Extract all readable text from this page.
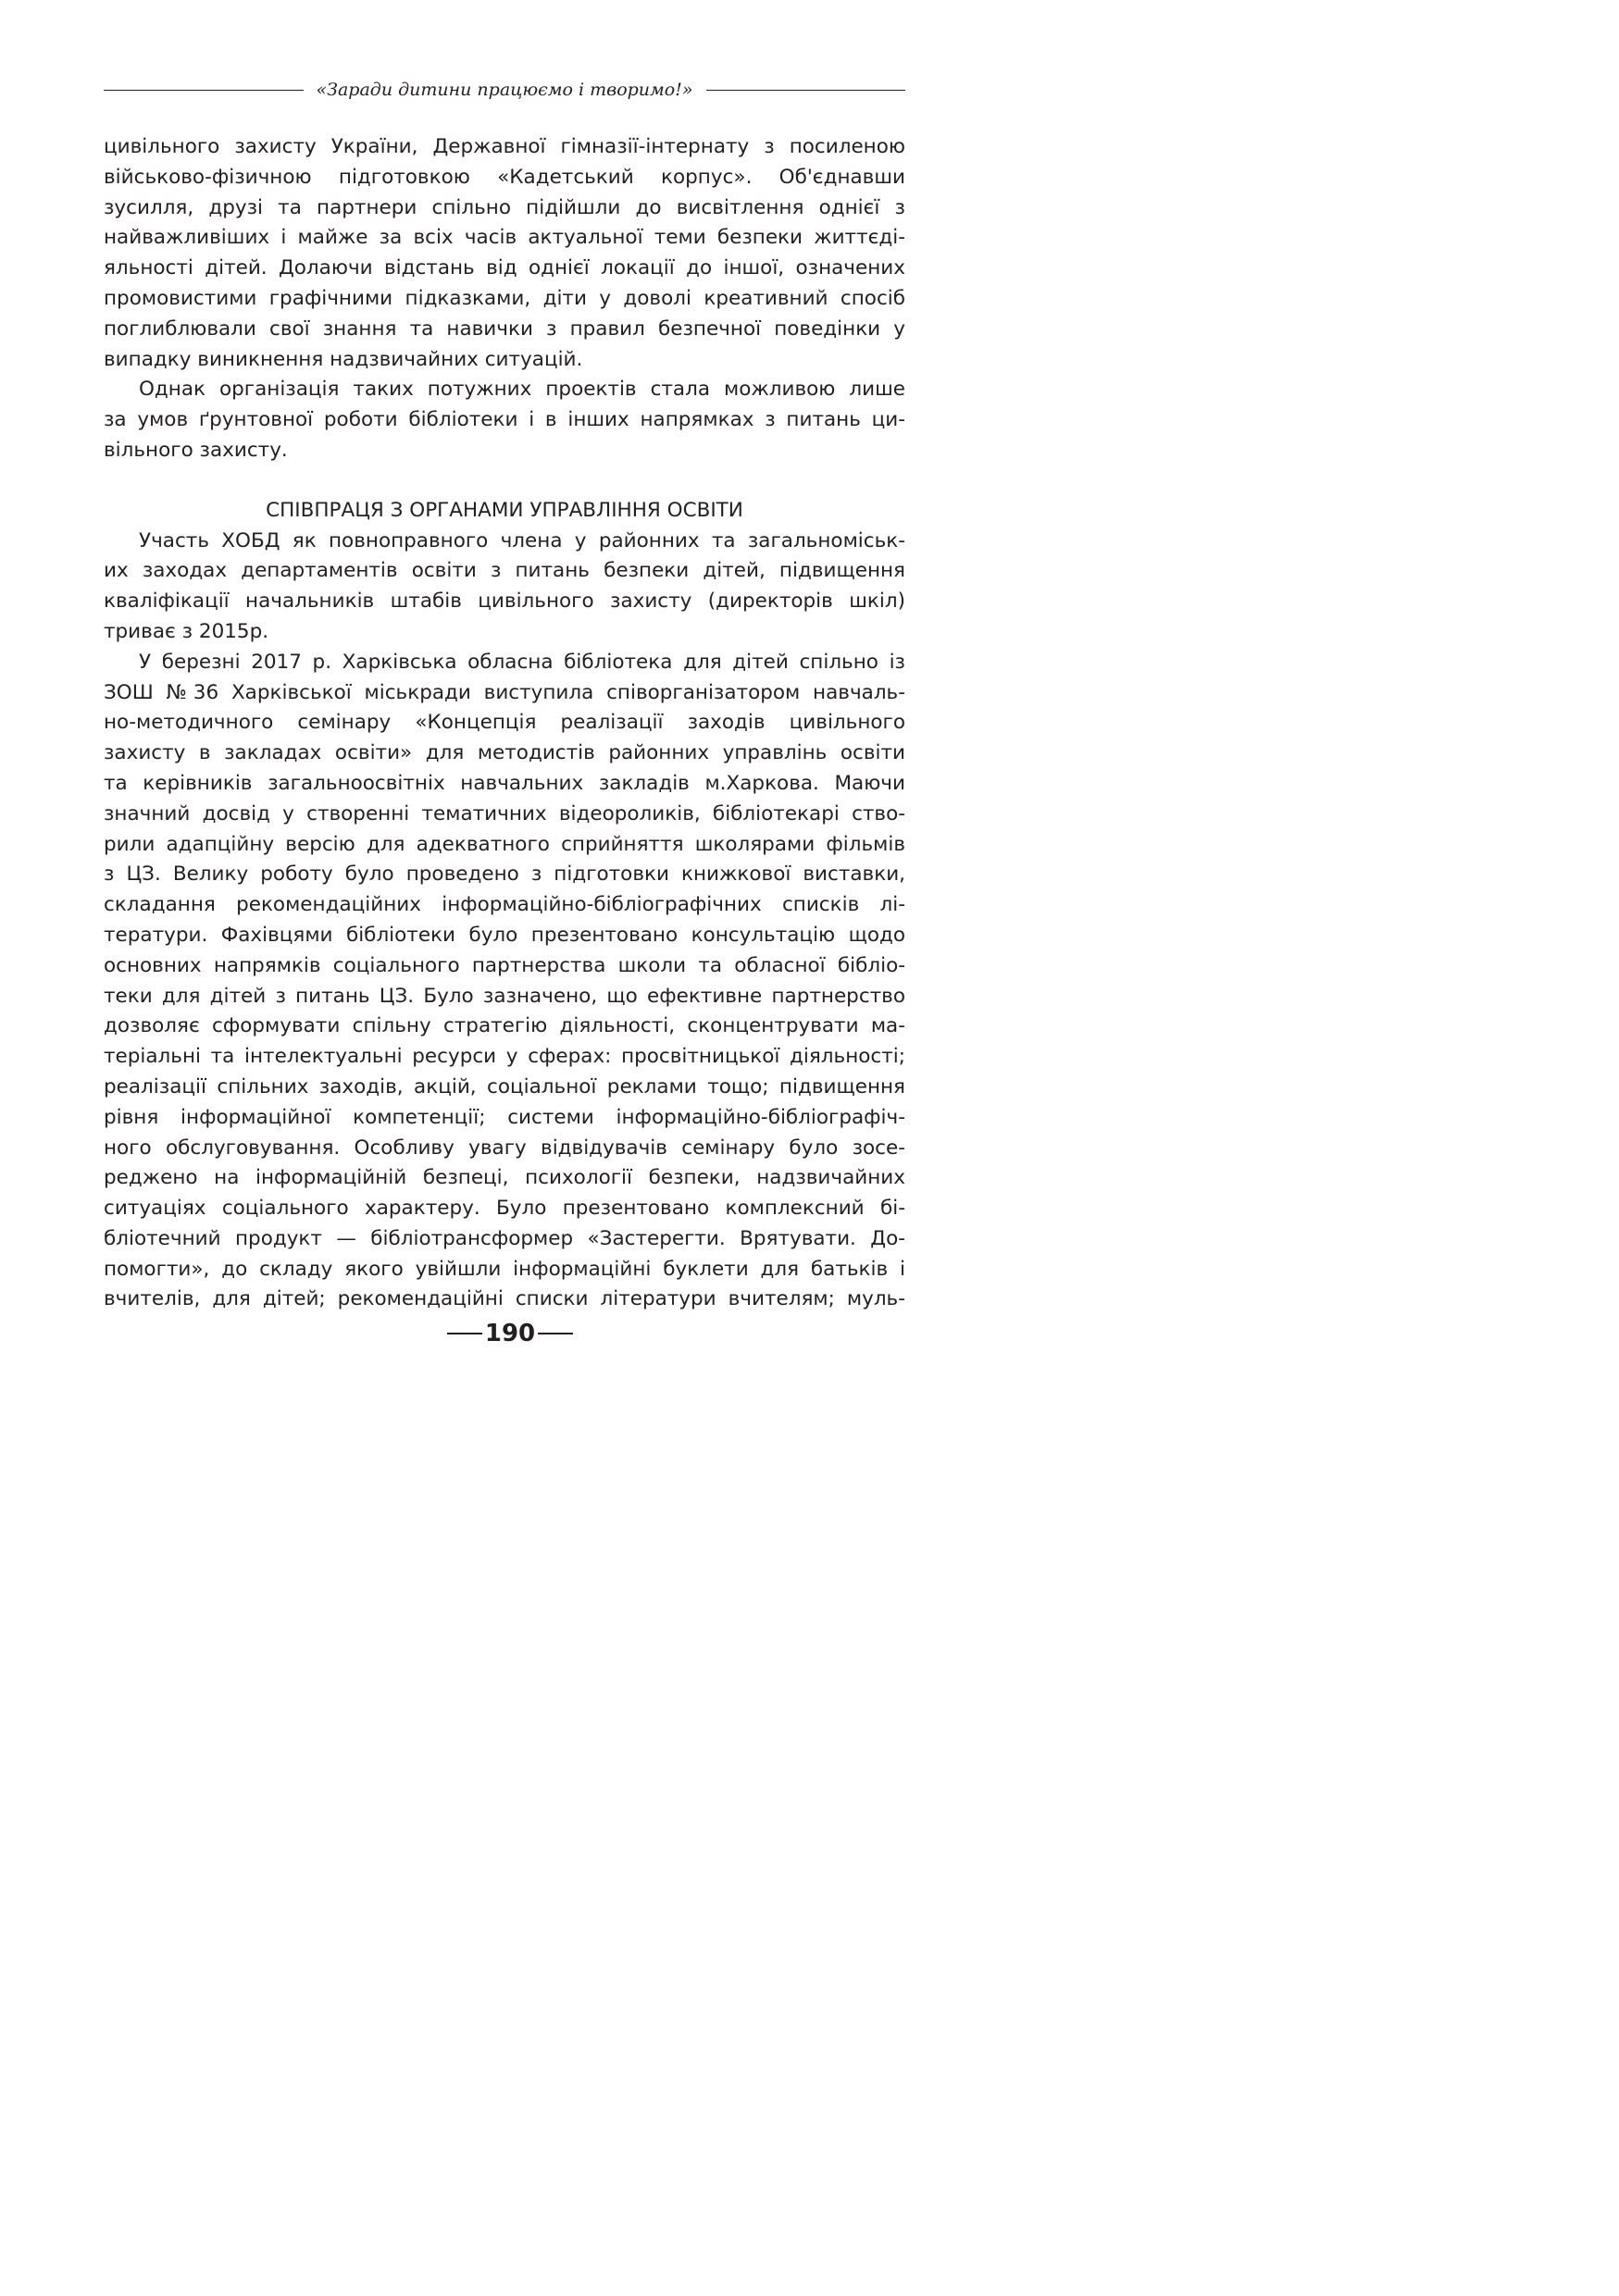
«Заради дитини працюємо і творимо!»
цивільного захисту України, Державної гімназії-інтернату з посиленою
військово-фізичною підготовкою «Кадетський корпус». Об'єднавши
зусилля, друзі та партнери спільно підійшли до висвітлення однієї з
найважливіших і майже за всіх часів актуальної теми безпеки життєді-
яльності дітей. Долаючи відстань від однієї локації до іншої, означених
промовистими графічними підказками, діти у доволі креативний спосіб
поглиблювали свої знання та навички з правил безпечної поведінки у
випадку виникнення надзвичайних ситуацій.
Однак організація таких потужних проектів стала можливою лише
за умов ґрунтовної роботи бібліотеки і в інших напрямках з питань ци-
вільного захисту.
СПІВПРАЦЯ З ОРГАНАМИ УПРАВЛІННЯ ОСВІТИ
Участь ХОБД як повноправного члена у районних та загальноміськ-
их заходах департаментів освіти з питань безпеки дітей, підвищення
кваліфікації начальників штабів цивільного захисту (директорів шкіл)
триває з 2015р.
У березні 2017 р. Харківська обласна бібліотека для дітей спільно із
ЗОШ №36 Харківської міськради виступила співорганізатором навчаль-
но-методичного семінару «Концепція реалізації заходів цивільного
захисту в закладах освіти» для методистів районних управлінь освіти
та керівників загальноосвітніх навчальних закладів м.Харкова. Маючи
значний досвід у створенні тематичних відеороликів, бібліотекарі ство-
рили адапційну версію для адекватного сприйняття школярами фільмів
з ЦЗ. Велику роботу було проведено з підготовки книжкової виставки,
складання рекомендаційних інформаційно-бібліографічних списків лі-
тератури. Фахівцями бібліотеки було презентовано консультацію щодо
основних напрямків соціального партнерства школи та обласної бібліо-
теки для дітей з питань ЦЗ. Було зазначено, що ефективне партнерство
дозволяє сформувати спільну стратегію діяльності, сконцентрувати ма-
теріальні та інтелектуальні ресурси у сферах: просвітницької діяльності;
реалізації спільних заходів, акцій, соціальної реклами тощо; підвищення
рівня інформаційної компетенції; системи інформаційно-бібліографіч-
ного обслуговування. Особливу увагу відвідувачів семінару було зосе-
реджено на інформаційній безпеці, психології безпеки, надзвичайних
ситуаціях соціального характеру. Було презентовано комплексний бі-
бліотечний продукт — бібліотрансформер «Застерегти. Врятувати. До-
помогти», до складу якого увійшли інформаційні буклети для батьків і
вчителів, для дітей; рекомендаційні списки літератури вчителям; муль-
190
